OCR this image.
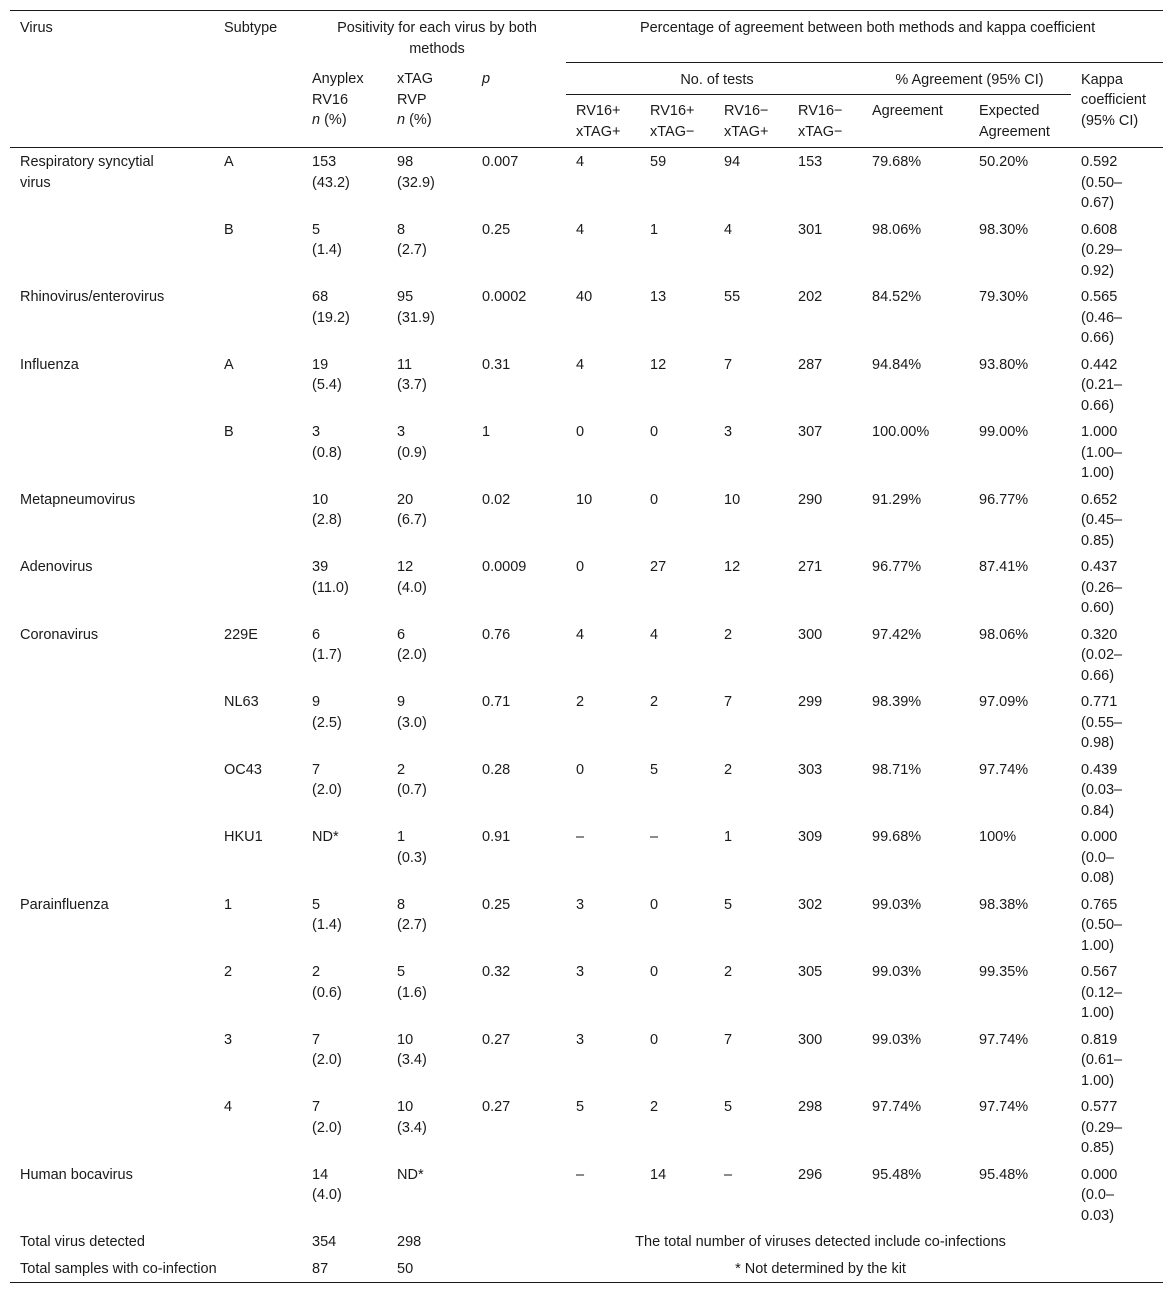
Virus	Subtype	Positivity for each virus by both methods			Percentage of agreement between both methods and kappa coefficient						

		Anyplex
RV16
n (%)	xTAG
RVP
n (%)	p	No. of tests				% Agreement (95% CI)		Kappa
coefficient
(95% CI)

					RV16+
xTAG+	RV16+
xTAG−	RV16−
xTAG+	RV16−
xTAG−	Agreement	Expected
Agreement	

Respiratory syncytial
virus	A	153
(43.2)	98
(32.9)	0.007	4	59	94	153	79.68%	50.20%	0.592
(0.50–
0.67)

	B	5
(1.4)	8
(2.7)	0.25	4	1	4	301	98.06%	98.30%	0.608
(0.29–
0.92)

Rhinovirus/enterovirus		68
(19.2)	95
(31.9)	0.0002	40	13	55	202	84.52%	79.30%	0.565
(0.46–
0.66)

Influenza	A	19
(5.4)	11
(3.7)	0.31	4	12	7	287	94.84%	93.80%	0.442
(0.21–
0.66)

	B	3
(0.8)	3
(0.9)	1	0	0	3	307	100.00%	99.00%	1.000
(1.00–
1.00)

Metapneumovirus		10
(2.8)	20
(6.7)	0.02	10	0	10	290	91.29%	96.77%	0.652
(0.45–
0.85)

Adenovirus		39
(11.0)	12
(4.0)	0.0009	0	27	12	271	96.77%	87.41%	0.437
(0.26–
0.60)

Coronavirus	229E	6
(1.7)	6
(2.0)	0.76	4	4	2	300	97.42%	98.06%	0.320
(0.02–
0.66)

	NL63	9
(2.5)	9
(3.0)	0.71	2	2	7	299	98.39%	97.09%	0.771
(0.55–
0.98)

	OC43	7
(2.0)	2
(0.7)	0.28	0	5	2	303	98.71%	97.74%	0.439
(0.03–
0.84)

	HKU1	ND*	1
(0.3)	0.91	–	–	1	309	99.68%	100%	0.000
(0.0–
0.08)

Parainfluenza	1	5
(1.4)	8
(2.7)	0.25	3	0	5	302	99.03%	98.38%	0.765
(0.50–
1.00)

	2	2
(0.6)	5
(1.6)	0.32	3	0	2	305	99.03%	99.35%	0.567
(0.12–
1.00)

	3	7
(2.0)	10
(3.4)	0.27	3	0	7	300	99.03%	97.74%	0.819
(0.61–
1.00)

	4	7
(2.0)	10
(3.4)	0.27	5	2	5	298	97.74%	97.74%	0.577
(0.29–
0.85)

Human bocavirus		14
(4.0)	ND*		–	14	–	296	95.48%	95.48%	0.000
(0.0–
0.03)

Total virus detected		354	298	The total number of viruses detected include co-infections							
Total samples with co-infection		87	50	* Not determined by the kit							
